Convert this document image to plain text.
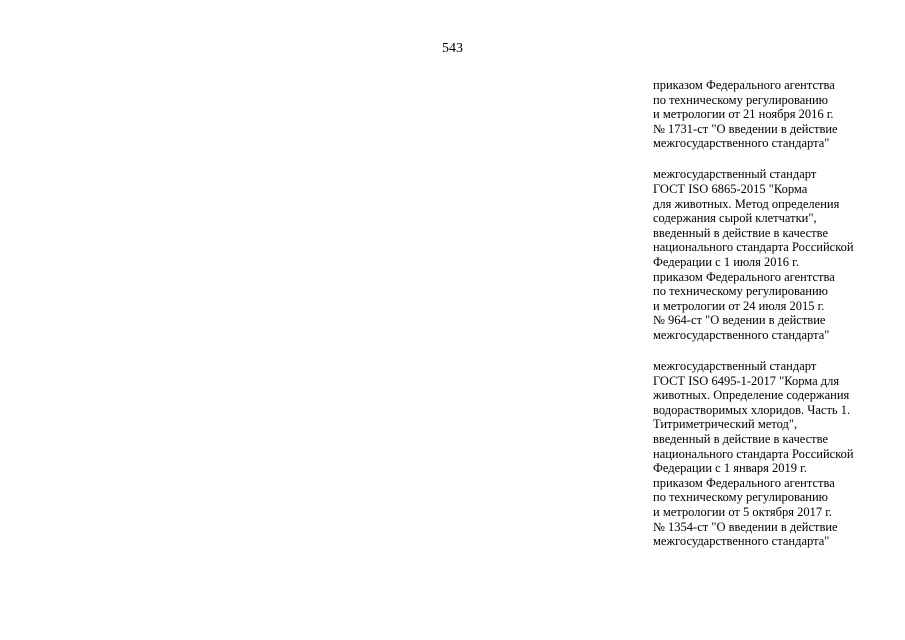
543
приказом Федерального агентства
по техническому регулированию
и метрологии от 21 ноября 2016 г.
№ 1731-ст "О введении в действие
межгосударственного стандарта"
межгосударственный стандарт
ГОСТ ISO 6865-2015 "Корма
для животных. Метод определения
содержания сырой клетчатки",
введенный в действие в качестве
национального стандарта Российской
Федерации с 1 июля 2016 г.
приказом Федерального агентства
по техническому регулированию
и метрологии от 24 июля 2015 г.
№ 964-ст "О ведении в действие
межгосударственного стандарта"
межгосударственный стандарт
ГОСТ ISO 6495-1-2017 "Корма для
животных. Определение содержания
водорастворимых хлоридов. Часть 1.
Титриметрический метод",
введенный в действие в качестве
национального стандарта Российской
Федерации с 1 января 2019 г.
приказом Федерального агентства
по техническому регулированию
и метрологии от 5 октября 2017 г.
№ 1354-ст "О введении в действие
межгосударственного стандарта"
